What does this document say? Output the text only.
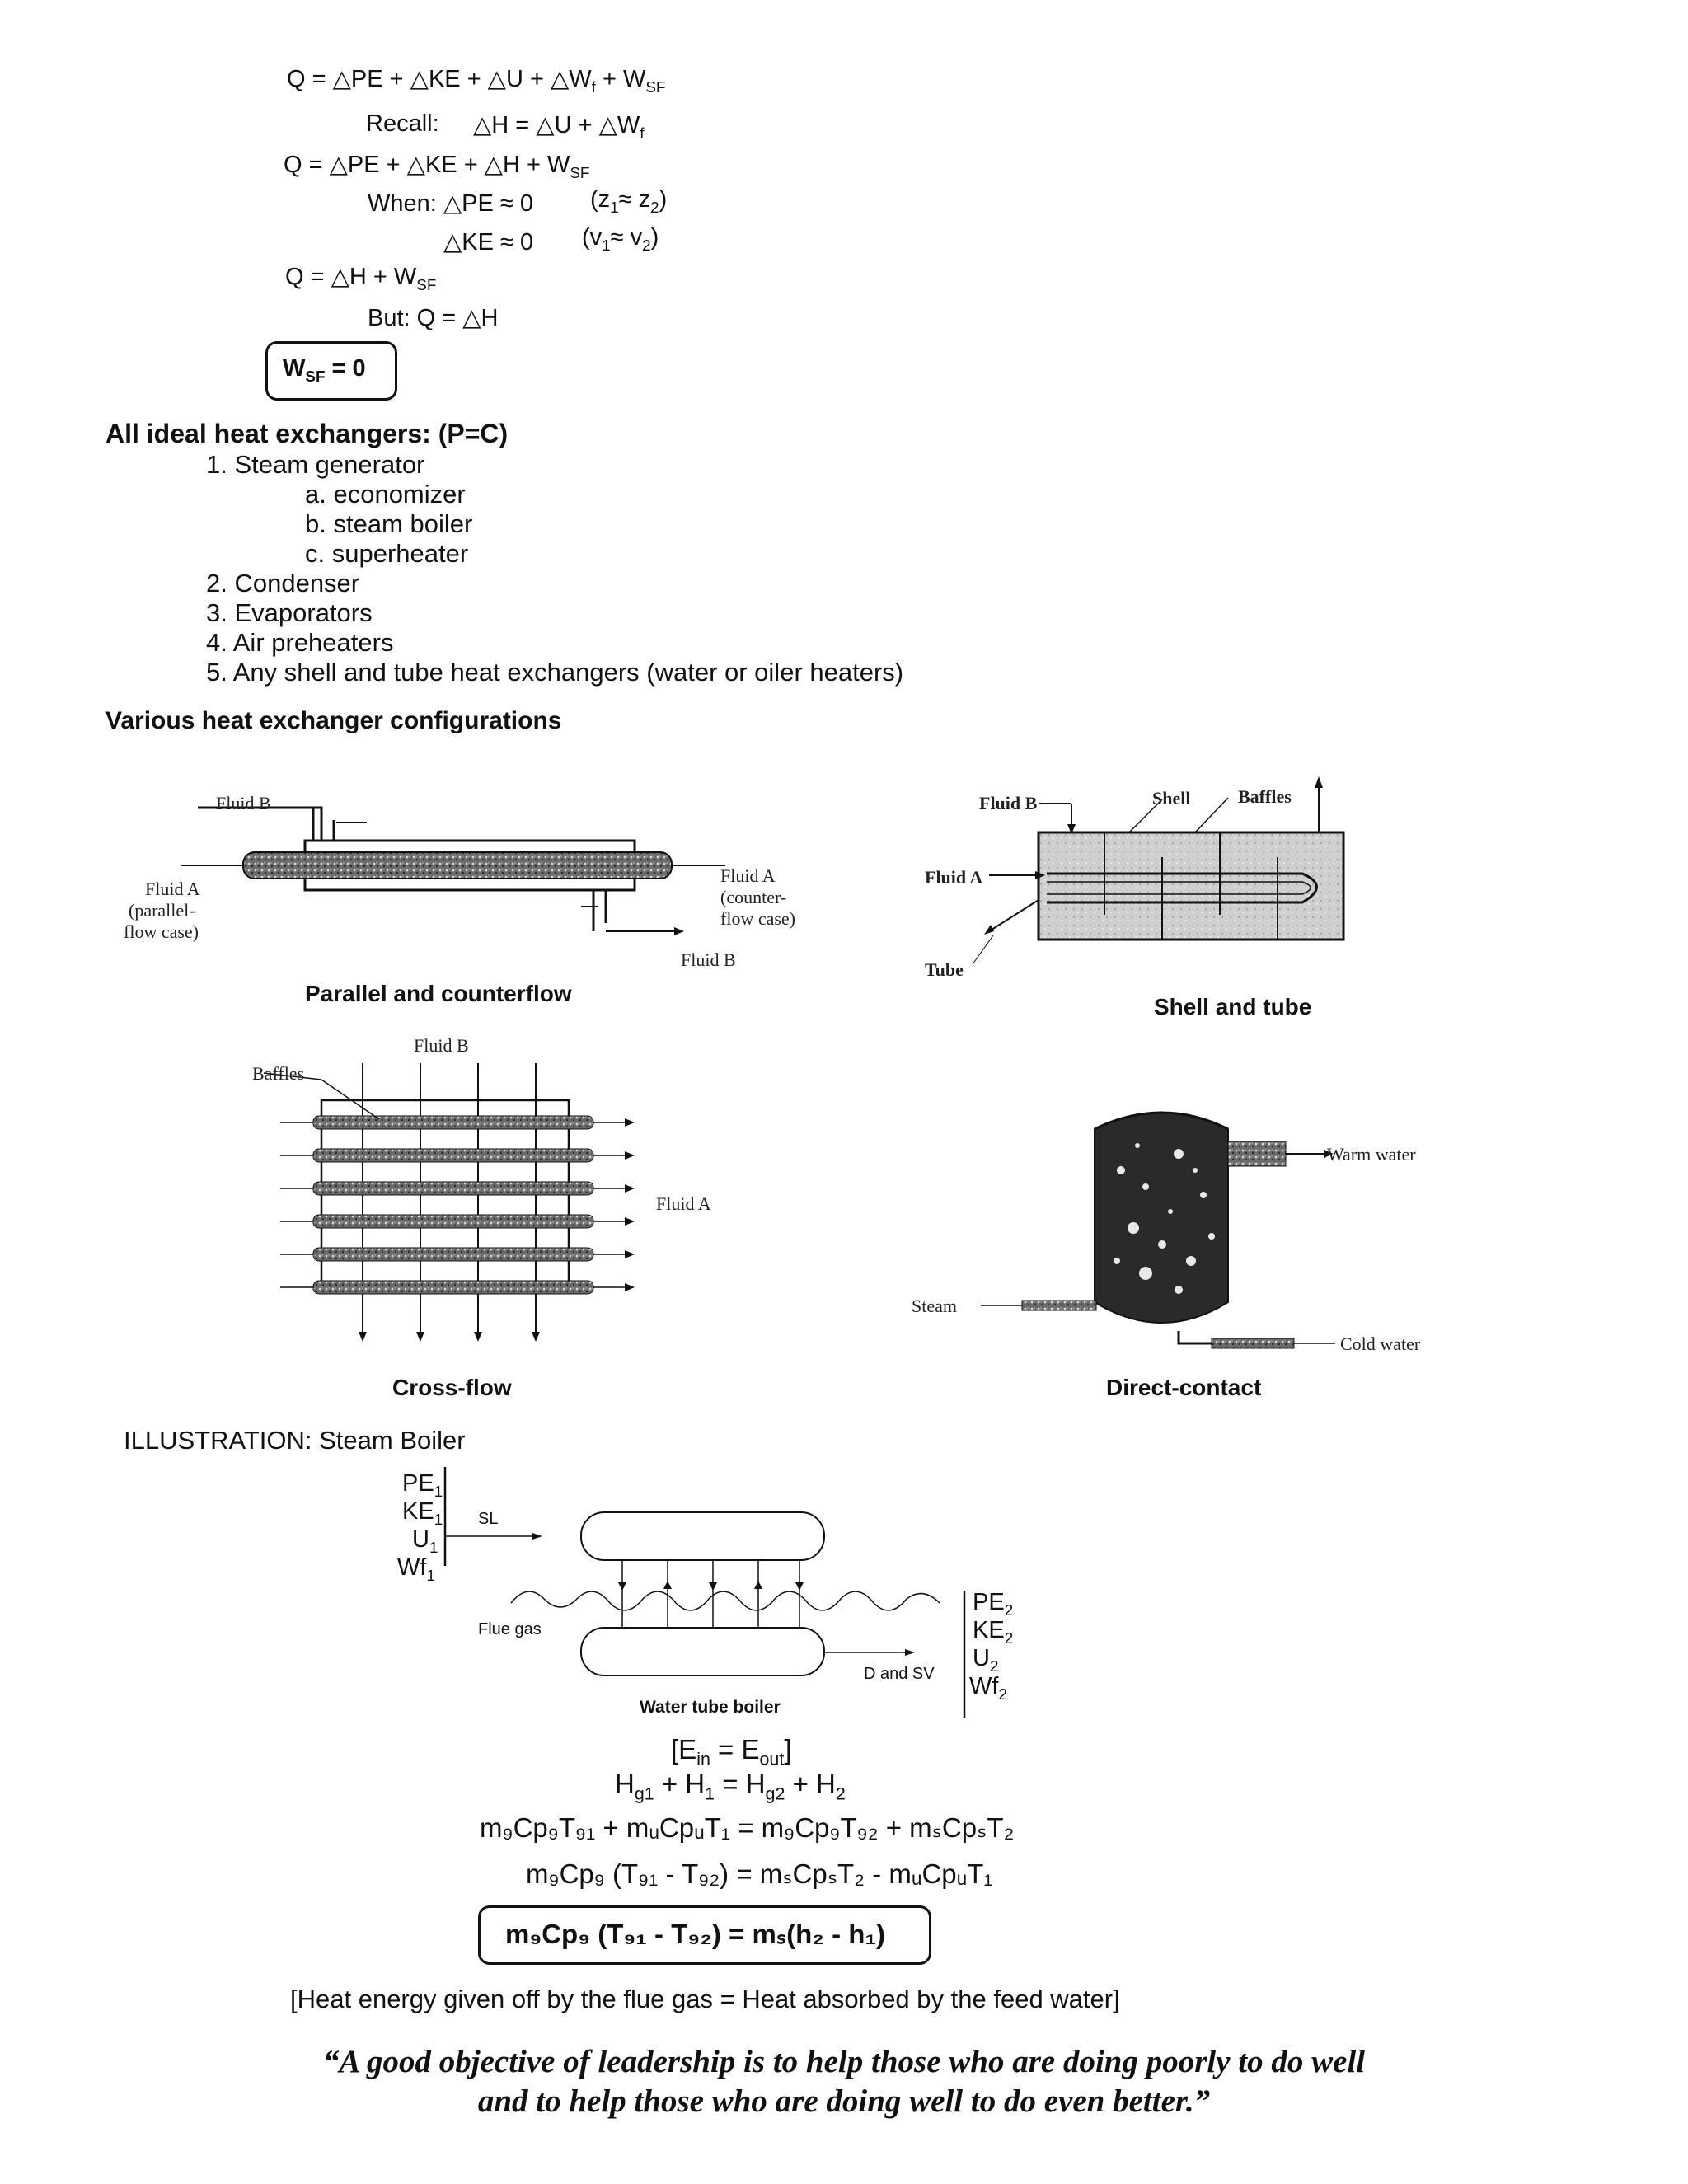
Q = △PE + △KE + △U + $\triangle W_f + W_{SF}$
Recall: △H = △U + $\triangle W_f$
Q = △PE + △KE + △H + $W_{SF}$
When: △PE ≈ 0 $(z_1\approx z_2)$
△KE ≈ 0 $(v_1\approx v_2)$
Q = △H + $W_{SF}$
But: Q = △H
$W_{SF} = 0$
All ideal heat exchangers: (P=C)
1. Steam generator
a. economizer
b. steam boiler
c. superheater
2. Condenser
3. Evaporators
4. Air preheaters
5. Any shell and tube heat exchangers (water or oiler heaters)
Various heat exchanger configurations
Fluid B
Fluid A
(parallel-
flow case)
Fluid A
(counter-
flow case)
Fluid B
Parallel and counterflow
Fluid B	Shell	Baffles
Fluid A
Tube
Shell and tube
Fluid B
Baffles
Fluid A
Cross-flow
Warm water
Steam
Cold water
Direct-contact
ILLUSTRATION: Steam Boiler
$PE_1$
$KE_1$
$U_1$
$Wf_1$
SL
Flue gas
D and SV
Water tube boiler
$PE_2$
$KE_2$
$U_2$
$Wf_2$
$[E_{in} = E_{out}]$
$H_{g1} + H_1 = H_{g2} + H_2$
m₉Cp₉T₉₁ + mᵤCpᵤT₁ = m₉Cp₉T₉₂ + mₛCpₛT₂
m₉Cp₉ (T₉₁ - T₉₂) = mₛCpₛT₂ - mᵤCpᵤT₁
m₉Cp₉ (T₉₁ - T₉₂) = mₛ(h₂ - h₁)
[Heat energy given off by the flue gas = Heat absorbed by the feed water]
“A good objective of leadership is to help those who are doing poorly to do well
and to help those who are doing well to do even better.”
